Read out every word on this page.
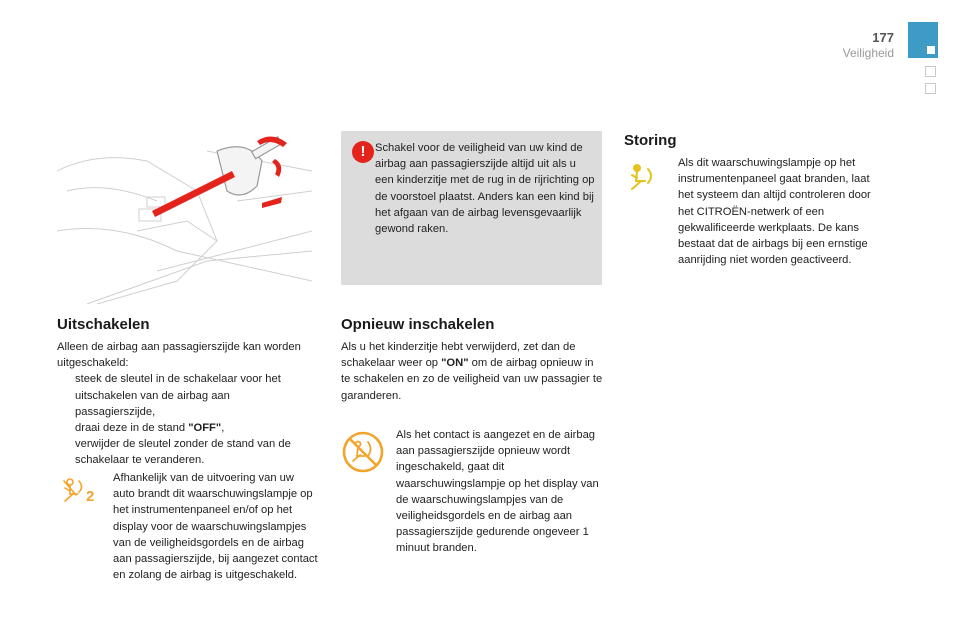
177
Veiligheid
! Schakel voor de veiligheid van uw kind de airbag aan passagierszijde altijd uit als u een kinderzitje met de rug in de rijrichting op de voorstoel plaatst. Anders kan een kind bij het afgaan van de airbag levensgevaarlijk gewond raken.
Uitschakelen
Alleen de airbag aan passagierszijde kan worden uitgeschakeld:
steek de sleutel in de schakelaar voor het uitschakelen van de airbag aan passagierszijde,
draai deze in de stand "OFF",
verwijder de sleutel zonder de stand van de schakelaar te veranderen.
2
Afhankelijk van de uitvoering van uw auto brandt dit waarschuwingslampje op het instrumentenpaneel en/of op het display voor de waarschuwingslampjes van de veiligheidsgordels en de airbag aan passagierszijde, bij aangezet contact en zolang de airbag is uitgeschakeld.
Opnieuw inschakelen
Als u het kinderzitje hebt verwijderd, zet dan de schakelaar weer op "ON" om de airbag opnieuw in te schakelen en zo de veiligheid van uw passagier te garanderen.
Als het contact is aangezet en de airbag aan passagierszijde opnieuw wordt ingeschakeld, gaat dit waarschuwingslampje op het display van de waarschuwingslampjes van de veiligheidsgordels en de airbag aan passagierszijde gedurende ongeveer 1 minuut branden.
Storing
Als dit waarschuwingslampje op het instrumentenpaneel gaat branden, laat het systeem dan altijd controleren door het CITROËN-netwerk of een gekwalificeerde werkplaats. De kans bestaat dat de airbags bij een ernstige aanrijding niet worden geactiveerd.
